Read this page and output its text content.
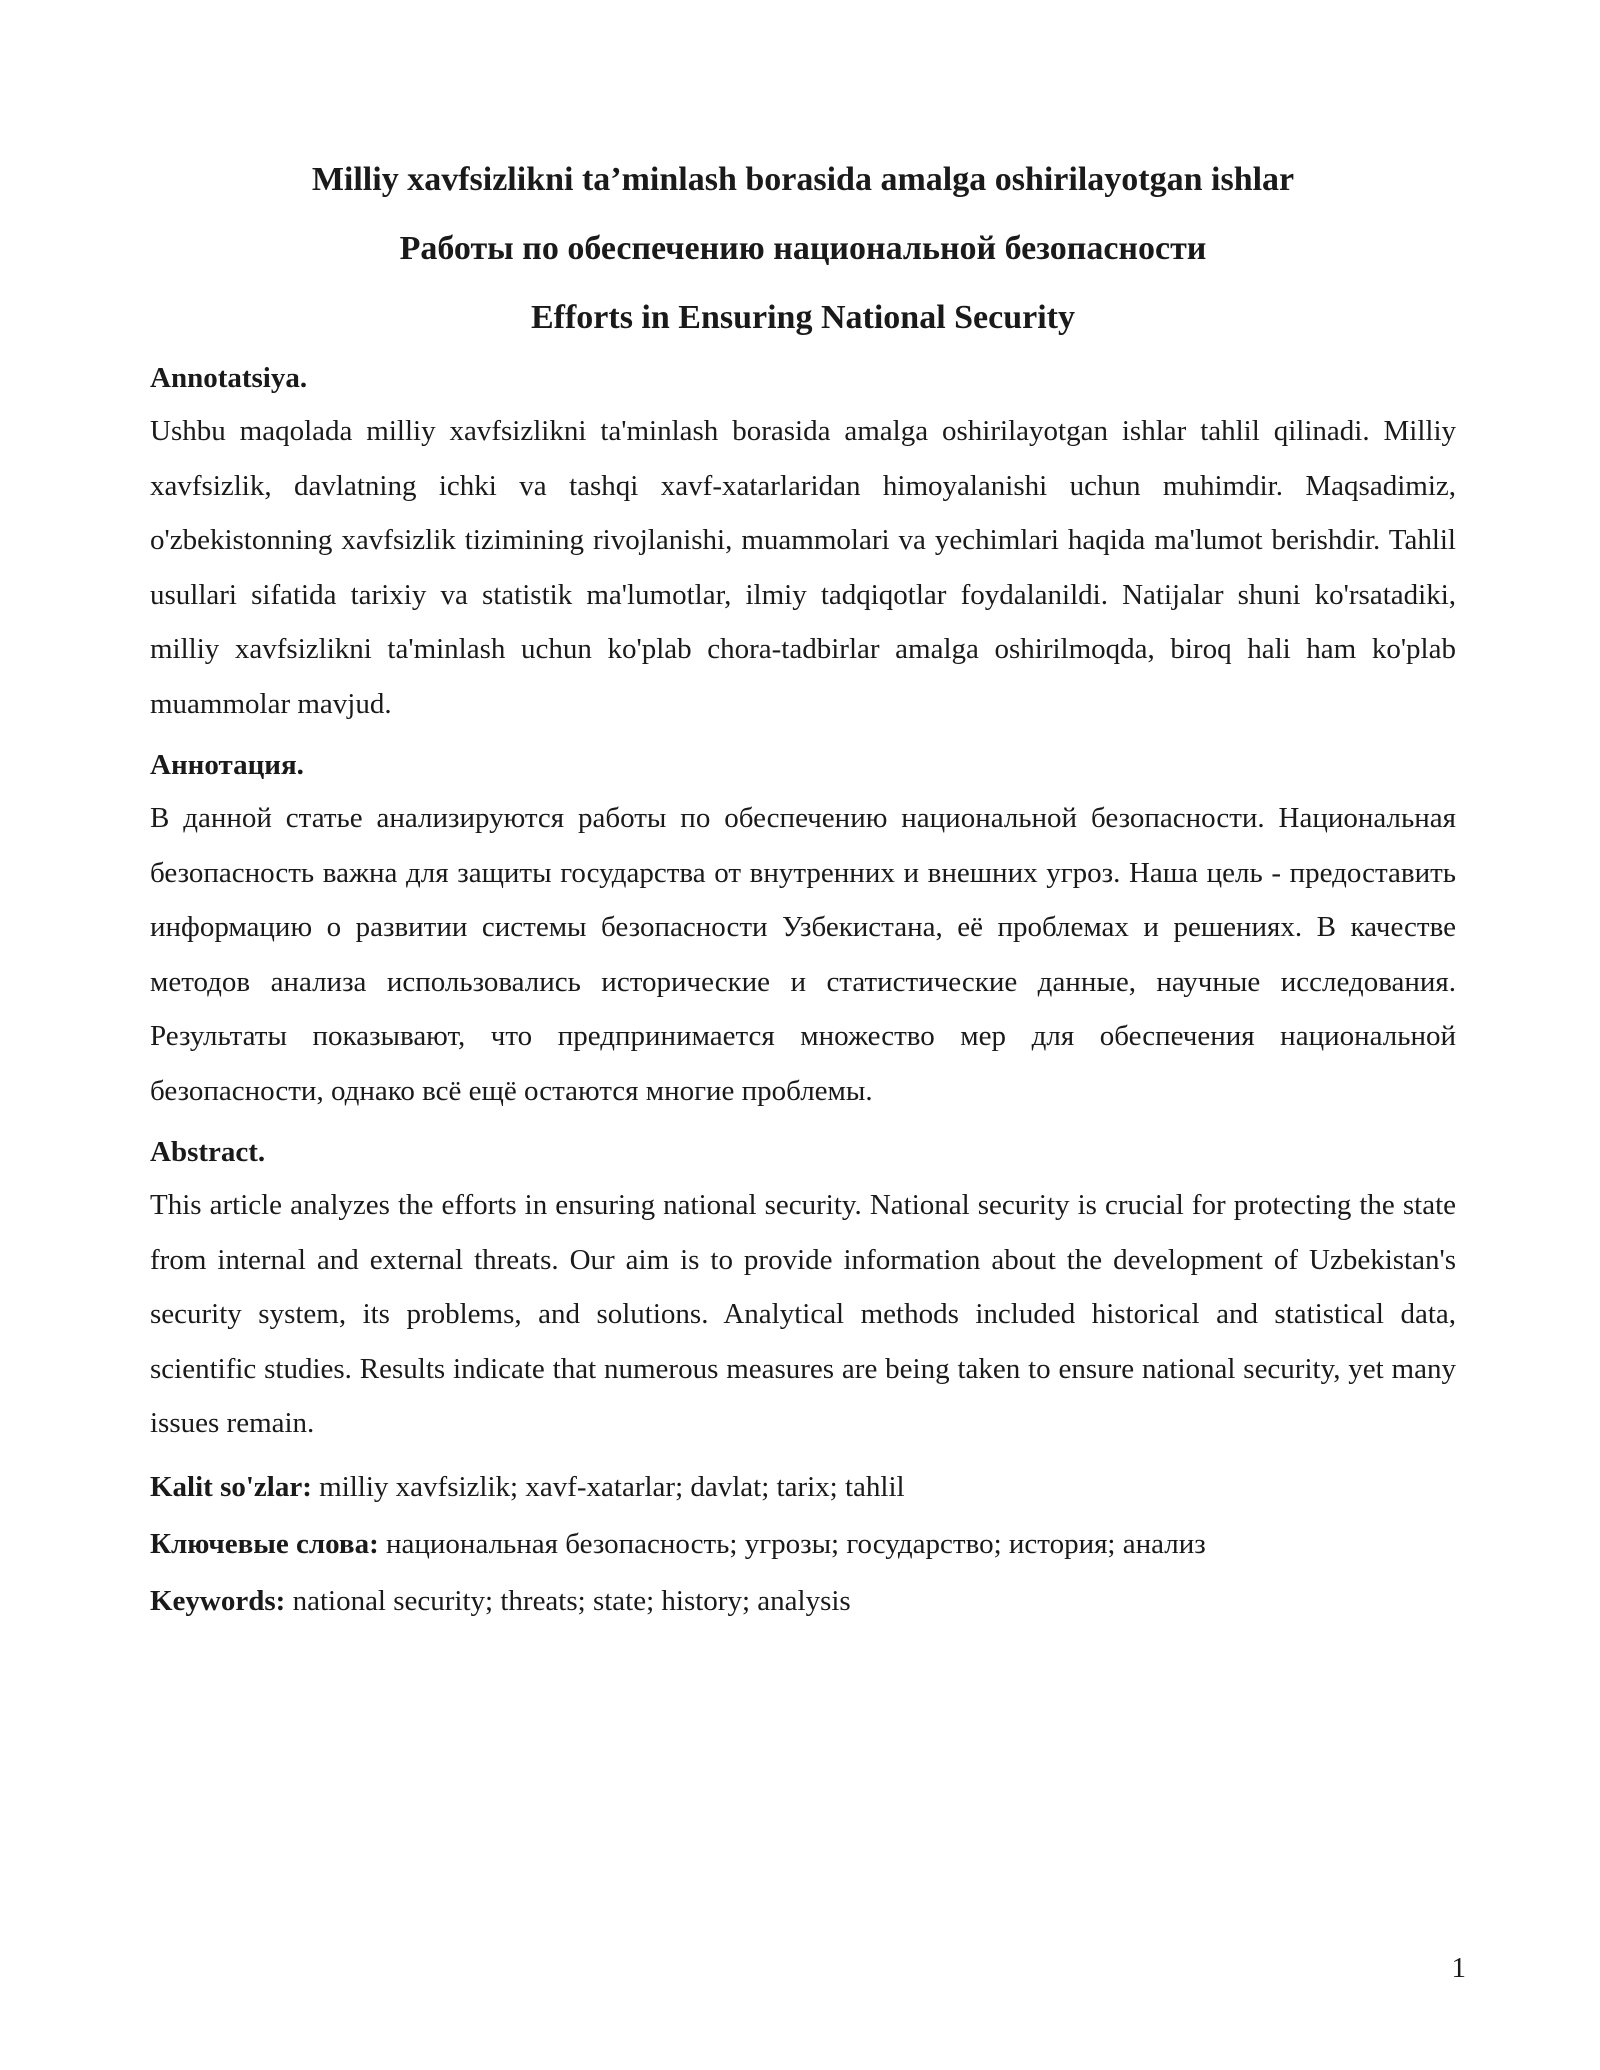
Milliy xavfsizlikni ta’minlash borasida amalga oshirilayotgan ishlar

Работы по обеспечению национальной безопасности

Efforts in Ensuring National Security

Annotatsiya.

Ushbu maqolada milliy xavfsizlikni ta'minlash borasida amalga oshirilayotgan ishlar tahlil qilinadi. Milliy xavfsizlik, davlatning ichki va tashqi xavf-xatarlaridan himoyalanishi uchun muhimdir. Maqsadimiz, o'zbekistonning xavfsizlik tizimining rivojlanishi, muammolari va yechimlari haqida ma'lumot berishdir. Tahlil usullari sifatida tarixiy va statistik ma'lumotlar, ilmiy tadqiqotlar foydalanildi. Natijalar shuni ko'rsatadiki, milliy xavfsizlikni ta'minlash uchun ko'plab chora-tadbirlar amalga oshirilmoqda, biroq hali ham ko'plab muammolar mavjud.

Аннотация.

В данной статье анализируются работы по обеспечению национальной безопасности. Национальная безопасность важна для защиты государства от внутренних и внешних угроз. Наша цель - предоставить информацию о развитии системы безопасности Узбекистана, её проблемах и решениях. В качестве методов анализа использовались исторические и статистические данные, научные исследования. Результаты показывают, что предпринимается множество мер для обеспечения национальной безопасности, однако всё ещё остаются многие проблемы.

Abstract.

This article analyzes the efforts in ensuring national security. National security is crucial for protecting the state from internal and external threats. Our aim is to provide information about the development of Uzbekistan's security system, its problems, and solutions. Analytical methods included historical and statistical data, scientific studies. Results indicate that numerous measures are being taken to ensure national security, yet many issues remain.

Kalit so'zlar: milliy xavfsizlik; xavf-xatarlar; davlat; tarix; tahlil

Ключевые слова: национальная безопасность; угрозы; государство; история; анализ

Keywords: national security; threats; state; history; analysis

1
